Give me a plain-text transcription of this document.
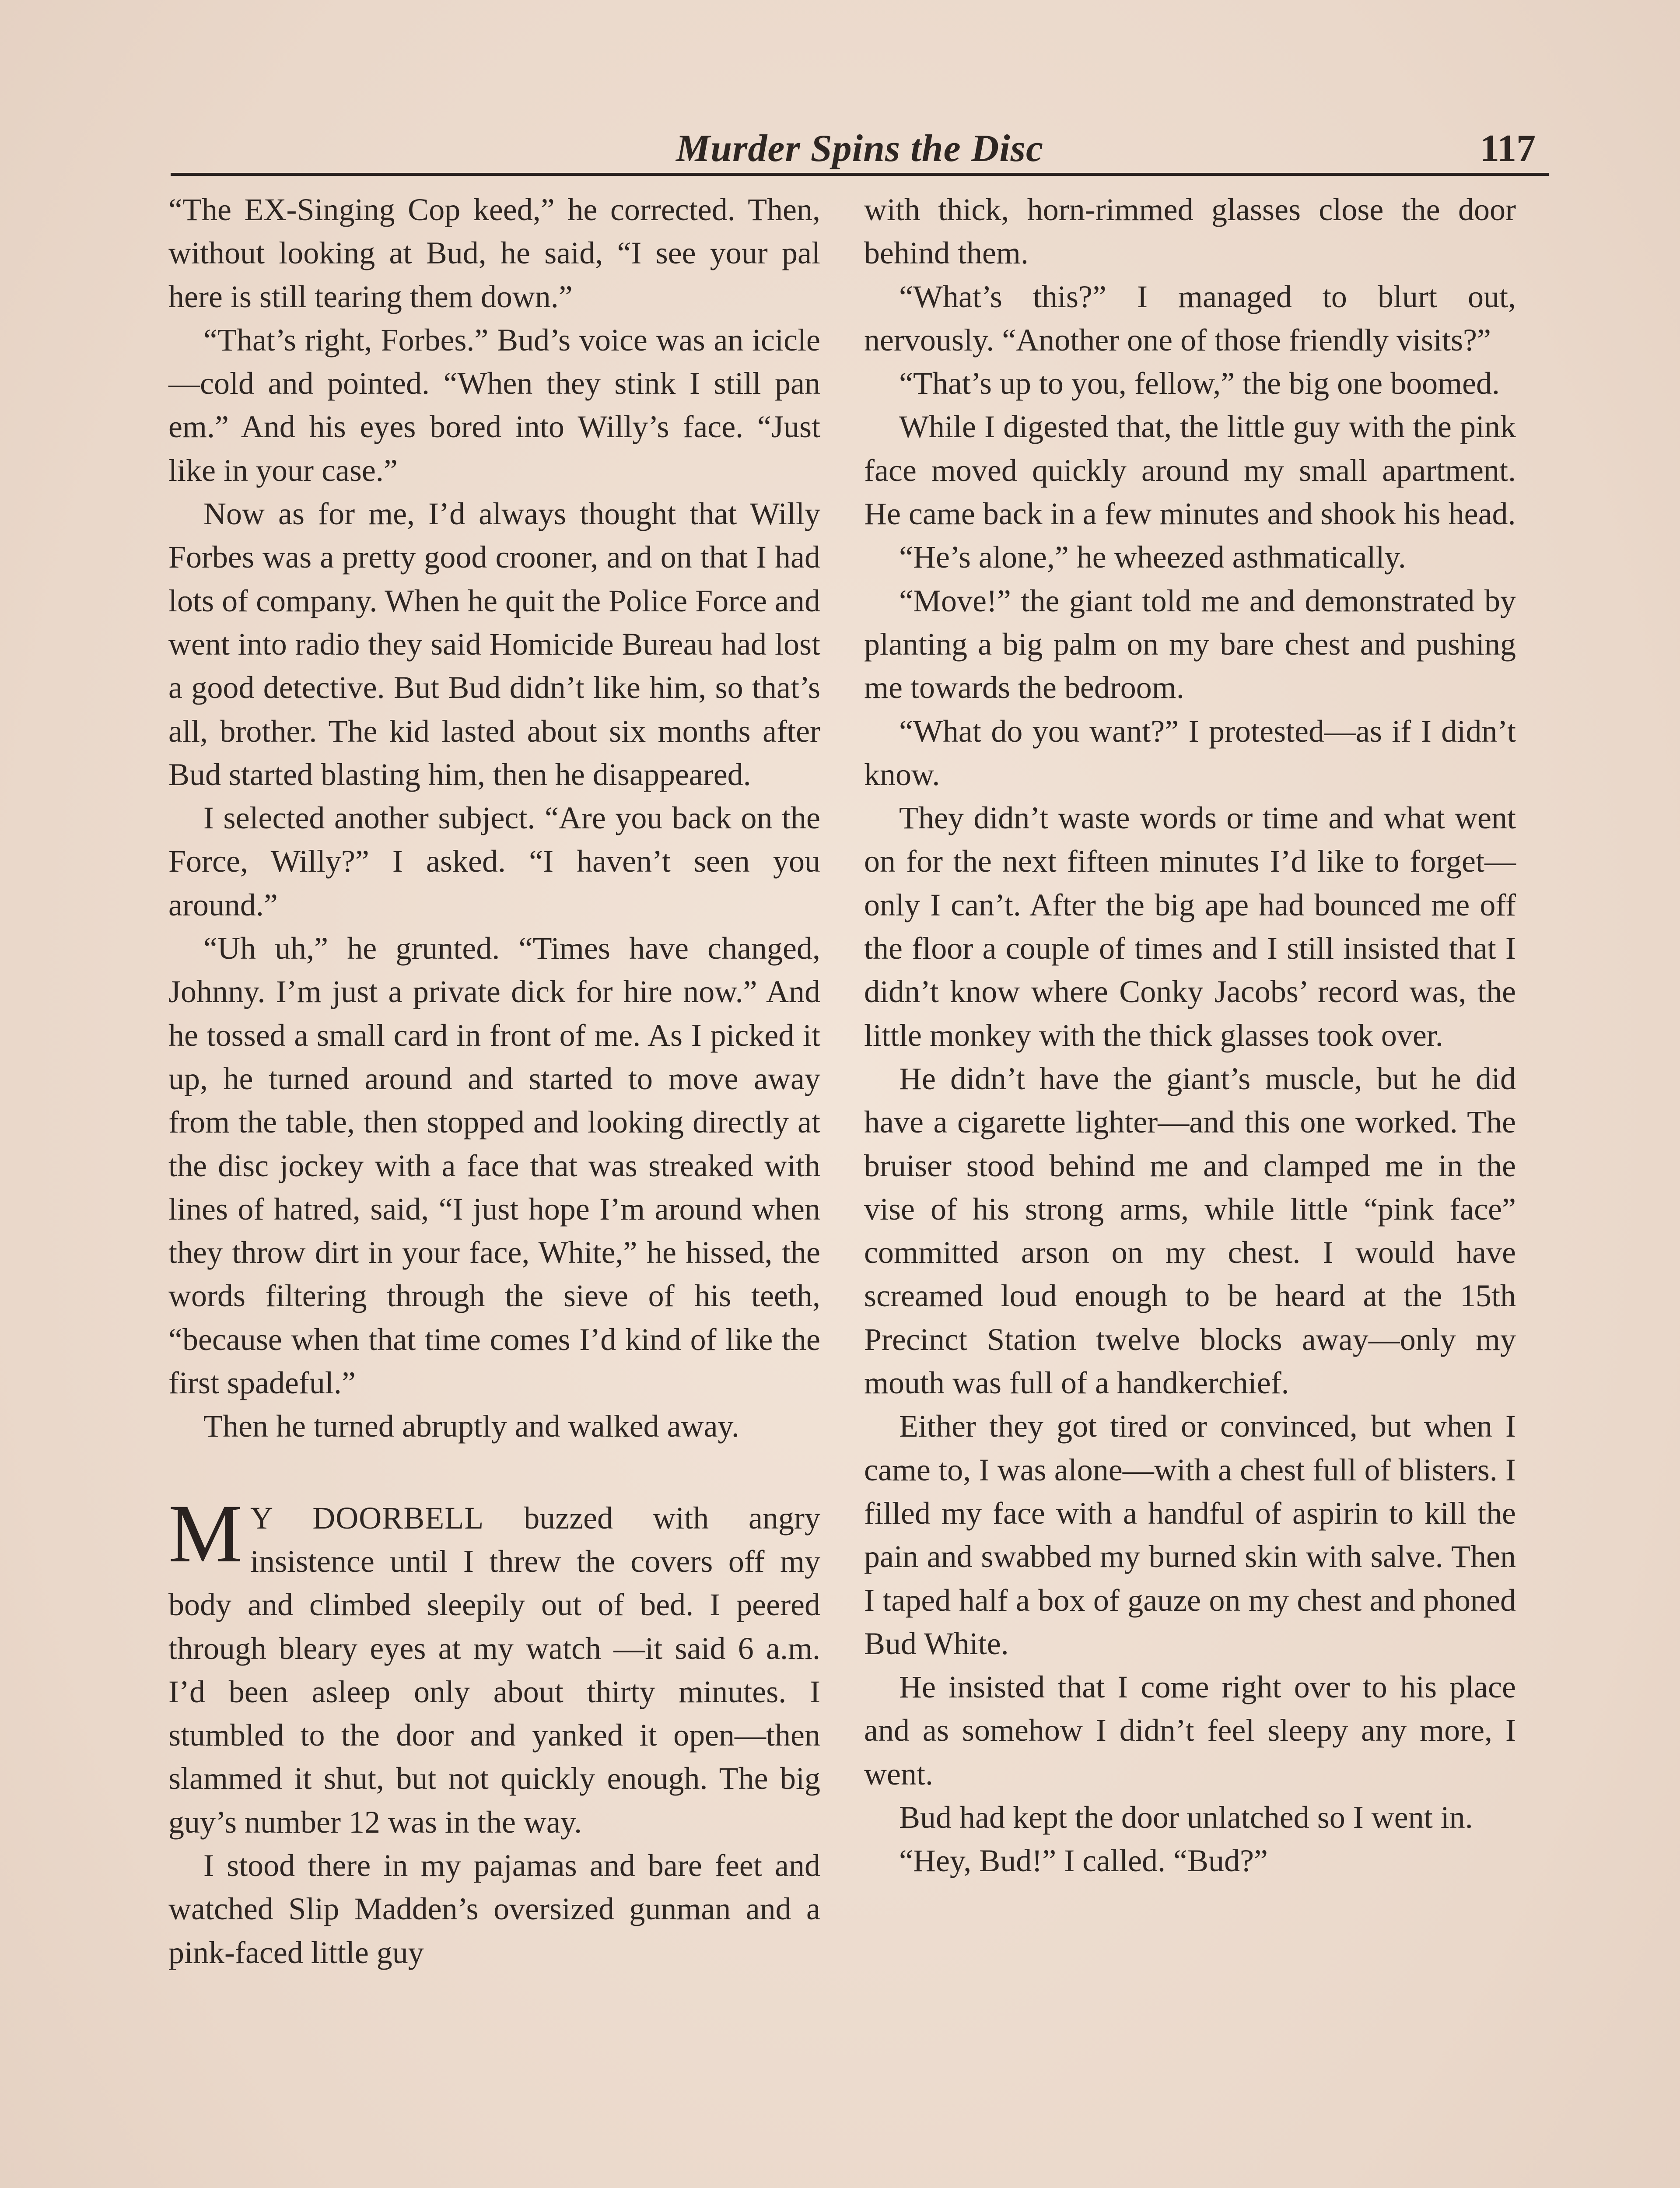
Murder Spins the Disc	117

“The EX-Singing Cop keed,” he corrected. Then, without looking at Bud, he said, “I see your pal here is still tearing them down.”

“That’s right, Forbes.” Bud’s voice was an icicle—cold and pointed. “When they stink I still pan em.” And his eyes bored into Willy’s face. “Just like in your case.”

Now as for me, I’d always thought that Willy Forbes was a pretty good crooner, and on that I had lots of company. When he quit the Police Force and went into radio they said Homicide Bureau had lost a good detective. But Bud didn’t like him, so that’s all, brother. The kid lasted about six months after Bud started blasting him, then he disappeared.

I selected another subject. “Are you back on the Force, Willy?” I asked. “I haven’t seen you around.”

“Uh uh,” he grunted. “Times have changed, Johnny. I’m just a private dick for hire now.” And he tossed a small card in front of me. As I picked it up, he turned around and started to move away from the table, then stopped and looking directly at the disc jockey with a face that was streaked with lines of hatred, said, “I just hope I’m around when they throw dirt in your face, White,” he hissed, the words filtering through the sieve of his teeth, “because when that time comes I’d kind of like the first spadeful.”

Then he turned abruptly and walked away.

M Y DOORBELL buzzed with angry insistence until I threw the covers off my body and climbed sleepily out of bed. I peered through bleary eyes at my watch —it said 6 a.m. I’d been asleep only about thirty minutes. I stumbled to the door and yanked it open—then slammed it shut, but not quickly enough. The big guy’s number 12 was in the way.

I stood there in my pajamas and bare feet and watched Slip Madden’s oversized gunman and a pink-faced little guy

with thick, horn-rimmed glasses close the door behind them.

“What’s this?” I managed to blurt out, nervously. “Another one of those friendly visits?”

“That’s up to you, fellow,” the big one boomed.

While I digested that, the little guy with the pink face moved quickly around my small apartment. He came back in a few minutes and shook his head.

“He’s alone,” he wheezed asthmatically.

“Move!” the giant told me and demonstrated by planting a big palm on my bare chest and pushing me towards the bedroom.

“What do you want?” I protested—as if I didn’t know.

They didn’t waste words or time and what went on for the next fifteen minutes I’d like to forget—only I can’t. After the big ape had bounced me off the floor a couple of times and I still insisted that I didn’t know where Conky Jacobs’ record was, the little monkey with the thick glasses took over.

He didn’t have the giant’s muscle, but he did have a cigarette lighter—and this one worked. The bruiser stood behind me and clamped me in the vise of his strong arms, while little “pink face” committed arson on my chest. I would have screamed loud enough to be heard at the 15th Precinct Station twelve blocks away—only my mouth was full of a handkerchief.

Either they got tired or convinced, but when I came to, I was alone—with a chest full of blisters. I filled my face with a handful of aspirin to kill the pain and swabbed my burned skin with salve. Then I taped half a box of gauze on my chest and phoned Bud White.

He insisted that I come right over to his place and as somehow I didn’t feel sleepy any more, I went.

Bud had kept the door unlatched so I went in.

“Hey, Bud!” I called. “Bud?”
